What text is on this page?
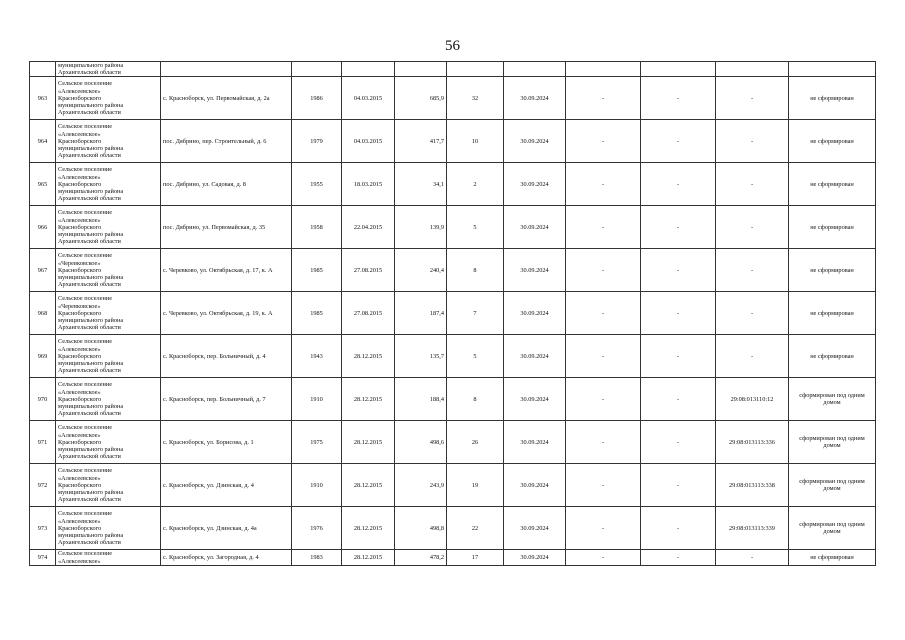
56

	муниципального района
Архангельской области										

963	Сельское поселение
«Алексеевское»
Красноборского
муниципального района
Архангельской области	с. Красноборск, ул. Первомайская, д. 2а	1986	04.03.2015	685,9	32	30.09.2024	-	-	-	не сформирован
964	Сельское поселение
«Алексеевское»
Красноборского
муниципального района
Архангельской области	пос. Дябрино, пер. Строительный, д. 6	1979	04.03.2015	417,7	10	30.09.2024	-	-	-	не сформирован
965	Сельское поселение
«Алексеевское»
Красноборского
муниципального района
Архангельской области	пос. Дябрино, ул. Садовая, д. 8	1955	18.03.2015	34,1	2	30.09.2024	-	-	-	не сформирован
966	Сельское поселение
«Алексеевское»
Красноборского
муниципального района
Архангельской области	пос. Дябрино, ул. Первомайская, д. 35	1958	22.04.2015	139,9	5	30.09.2024	-	-	-	не сформирован
967	Сельское поселение
«Черевковское»
Красноборского
муниципального района
Архангельской области	с. Черевково, ул. Октябрьская, д. 17, к. А	1985	27.08.2015	240,4	8	30.09.2024	-	-	-	не сформирован
968	Сельское поселение
«Черевковское»
Красноборского
муниципального района
Архангельской области	с. Черевково, ул. Октябрьская, д. 19, к. А	1985	27.08.2015	187,4	7	30.09.2024	-	-	-	не сформирован
969	Сельское поселение
«Алексеевское»
Красноборского
муниципального района
Архангельской области	с. Красноборск, пер. Больничный, д. 4	1943	28.12.2015	135,7	5	30.09.2024	-	-	-	не сформирован
970	Сельское поселение
«Алексеевское»
Красноборского
муниципального района
Архангельской области	с. Красноборск, пер. Больничный, д. 7	1910	28.12.2015	188,4	8	30.09.2024	-	-	29:08:013110:12	сформирован под одним домом
971	Сельское поселение
«Алексеевское»
Красноборского
муниципального района
Архангельской области	с. Красноборск, ул. Борисова, д. 1	1975	28.12.2015	498,6	26	30.09.2024	-	-	29:08:013113:336	сформирован под одним домом
972	Сельское поселение
«Алексеевское»
Красноборского
муниципального района
Архангельской области	с. Красноборск, ул. Дзинская, д. 4	1910	28.12.2015	243,9	19	30.09.2024	-	-	29:08:013113:338	сформирован под одним домом
973	Сельское поселение
«Алексеевское»
Красноборского
муниципального района
Архангельской области	с. Красноборск, ул. Дзинская, д. 4а	1976	28.12.2015	498,8	22	30.09.2024	-	-	29:08:013113:339	сформирован под одним домом
974	Сельское поселение
«Алексеевское»	с. Красноборск, ул. Загородная, д. 4	1983	28.12.2015	478,2	17	30.09.2024	-	-	-	не сформирован
